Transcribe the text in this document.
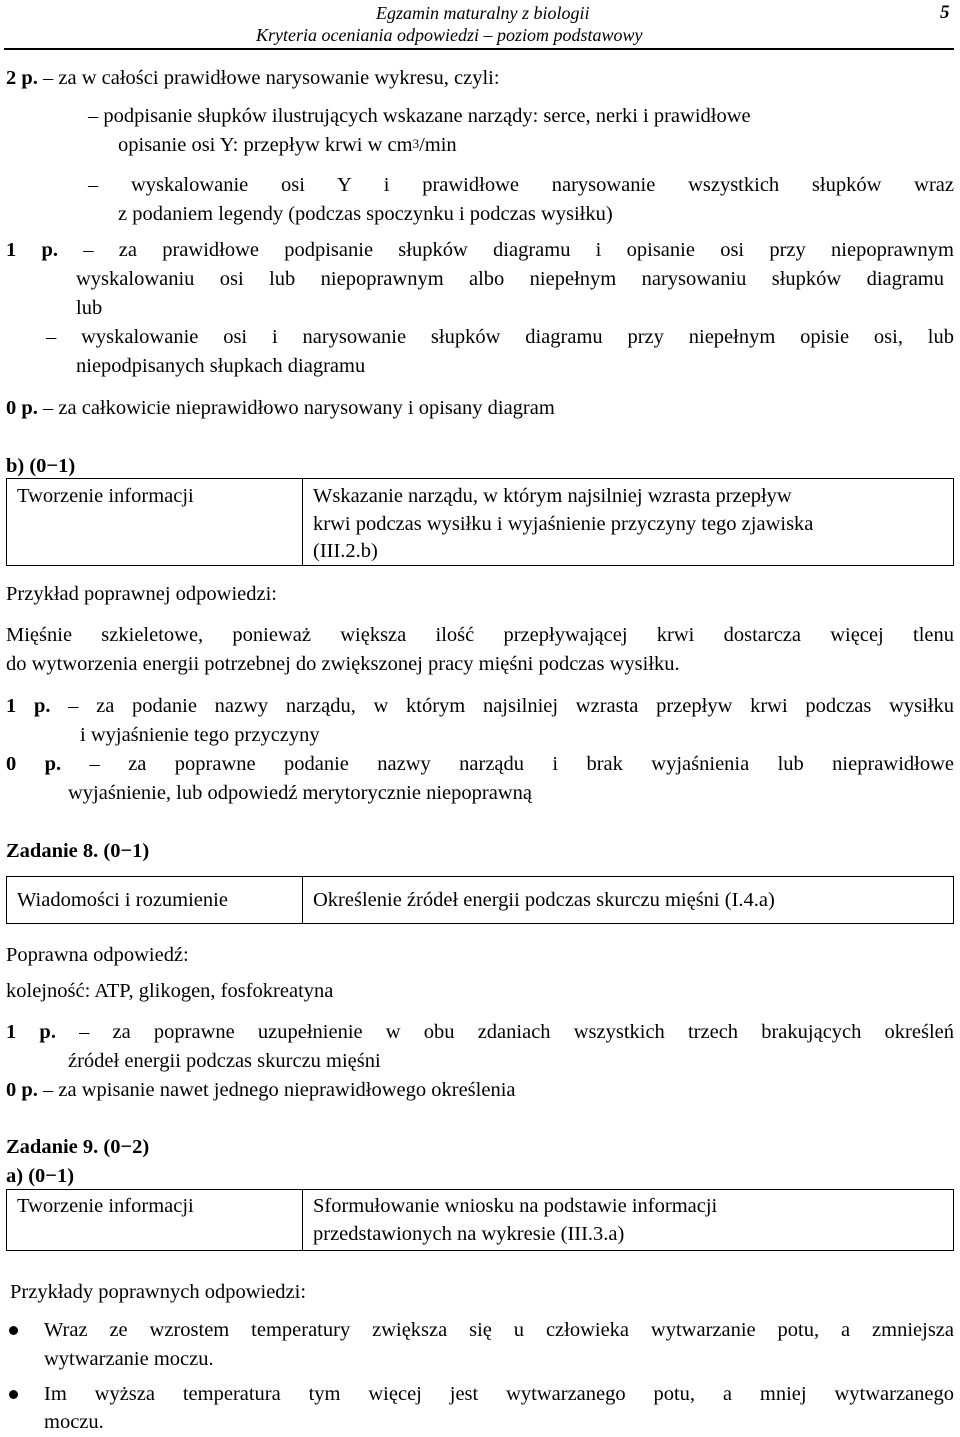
Egzamin maturalny z biologii	5
Kryteria oceniania odpowiedzi – poziom podstawowy
2 p. – za w całości prawidłowe narysowanie wykresu, czyli:
– podpisanie słupków ilustrujących wskazane narządy: serce, nerki i prawidłowe
opisanie osi Y: przepływ krwi w $cm^3/\min$
– wyskalowanie osi Y i prawidłowe narysowanie wszystkich słupków wraz
z podaniem legendy (podczas spoczynku i podczas wysiłku)
1 p. – za prawidłowe podpisanie słupków diagramu i opisanie osi przy niepoprawnym
wyskalowaniu osi lub niepoprawnym albo niepełnym narysowaniu słupków diagramu
lub
– wyskalowanie osi i narysowanie słupków diagramu przy niepełnym opisie osi, lub
niepodpisanych słupkach diagramu
0 p. – za całkowicie nieprawidłowo narysowany i opisany diagram
b) (0−1)
Tworzenie informacji	Wskazanie narządu, w którym najsilniej wzrasta przepływ
krwi podczas wysiłku i wyjaśnienie przyczyny tego zjawiska
(III.2.b)
Przykład poprawnej odpowiedzi:
Mięśnie szkieletowe, ponieważ większa ilość przepływającej krwi dostarcza więcej tlenu
do wytworzenia energii potrzebnej do zwiększonej pracy mięśni podczas wysiłku.
1 p. – za podanie nazwy narządu, w którym najsilniej wzrasta przepływ krwi podczas wysiłku
i wyjaśnienie tego przyczyny
0 p. – za poprawne podanie nazwy narządu i brak wyjaśnienia lub nieprawidłowe
wyjaśnienie, lub odpowiedź merytorycznie niepoprawną
Zadanie 8. (0−1)
Wiadomości i rozumienie	Określenie źródeł energii podczas skurczu mięśni (I.4.a)
Poprawna odpowiedź:
kolejność: ATP, glikogen, fosfokreatyna
1 p. – za poprawne uzupełnienie w obu zdaniach wszystkich trzech brakujących określeń
źródeł energii podczas skurczu mięśni
0 p. – za wpisanie nawet jednego nieprawidłowego określenia
Zadanie 9. (0−2)
a) (0−1)
Tworzenie informacji	Sformułowanie wniosku na podstawie informacji
przedstawionych na wykresie (III.3.a)
Przykłady poprawnych odpowiedzi:
Wraz ze wzrostem temperatury zwiększa się u człowieka wytwarzanie potu, a zmniejsza
wytwarzanie moczu.
Im wyższa temperatura tym więcej jest wytwarzanego potu, a mniej wytwarzanego
moczu.
